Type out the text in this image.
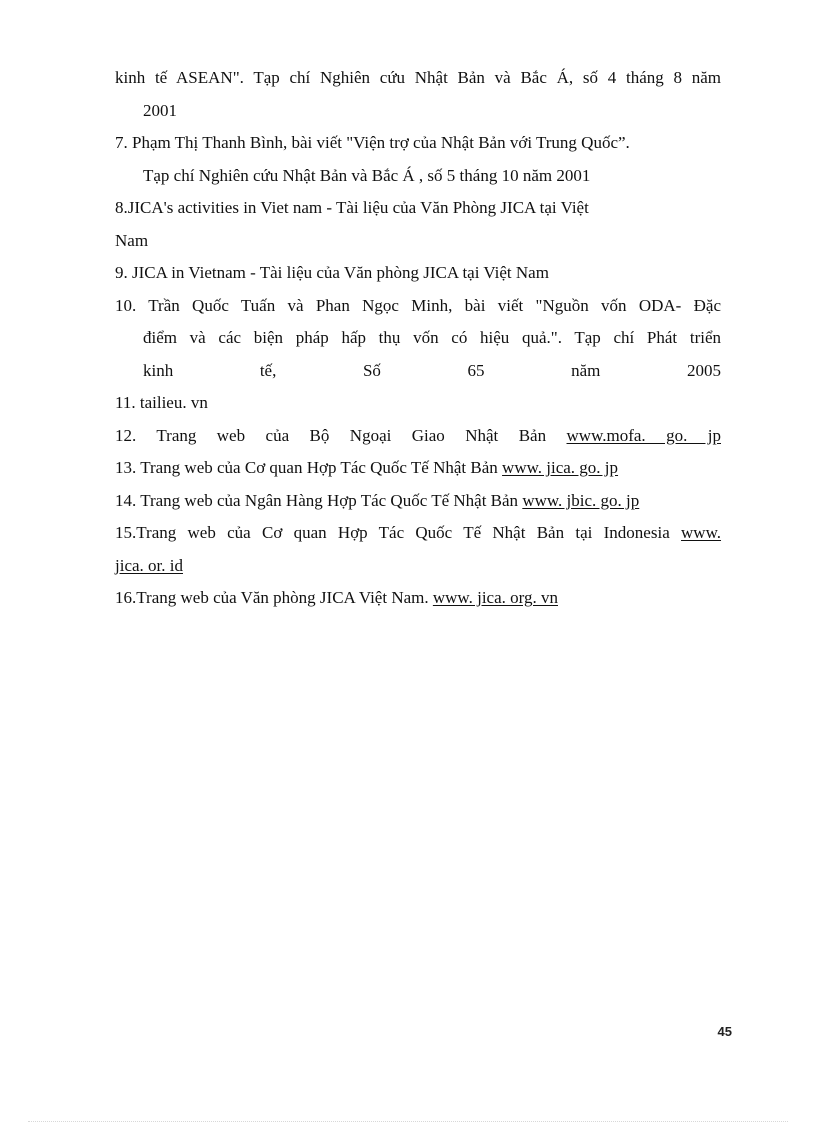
kinh tế ASEAN". Tạp chí Nghiên cứu Nhật Bản và Bắc Á, số 4 tháng 8 năm
2001

7. Phạm Thị Thanh Bình, bài viết "Viện trợ của Nhật Bản với Trung Quốc”.
Tạp chí Nghiên cứu Nhật Bản và Bắc Á , số 5 tháng 10 năm 2001

8.JICA's activities in Viet nam - Tài liệu của Văn Phòng JICA tại Việt
Nam

9. JICA in Vietnam - Tài liệu của Văn phòng JICA tại Việt Nam

10. Trần Quốc Tuấn và Phan Ngọc Minh, bài viết "Nguồn vốn ODA- Đặc
điểm và các biện pháp hấp thụ vốn có hiệu quả.". Tạp chí Phát triển
kinh tế, Số 65 năm 2005

11. tailieu. vn

12. Trang web của Bộ Ngoại Giao Nhật Bản www.mofa. go. jp

13. Trang web của Cơ quan Hợp Tác Quốc Tế Nhật Bản www. jica. go. jp

14. Trang web của Ngân Hàng Hợp Tác Quốc Tế Nhật Bản www. jbic. go. jp

15.Trang web của Cơ quan Hợp Tác Quốc Tế Nhật Bản tại Indonesia www.
jica. or. id

16.Trang web của Văn phòng JICA Việt Nam. www. jica. org. vn

45
